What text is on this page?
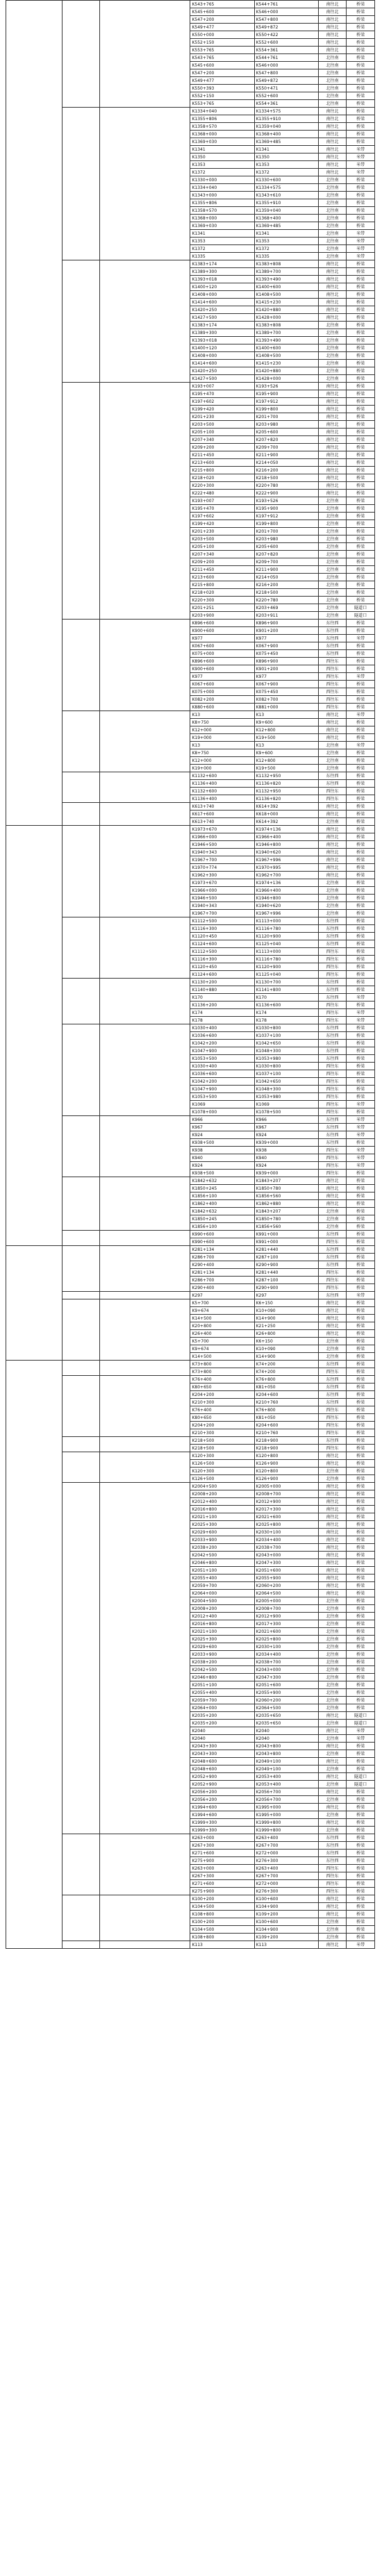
			K543+765	K544+761	南往北	桥梁
			K545+600	K546+000	南往北	桥梁
			K547+200	K547+800	南往北	桥梁
			K549+477	K549+872	南往北	桥梁
			K550+000	K550+422	南往北	桥梁
			K552+150	K552+600	南往北	桥梁
			K553+765	K554+361	南往北	桥梁
			K543+765	K544+761	北往南	桥梁
			K545+600	K546+000	北往南	桥梁
			K547+200	K547+800	北往南	桥梁
			K549+477	K549+872	北往南	桥梁
			K550+393	K550+471	北往南	桥梁
			K552+150	K552+600	北往南	桥梁
			K553+765	K554+361	北往南	桥梁
			K1334+040	K1334+575	南往北	桥梁
			K1355+806	K1355+910	南往北	桥梁
			K1358+570	K1359+040	南往北	桥梁
			K1368+000	K1368+400	南往北	桥梁
			K1369+030	K1369+485	南往北	桥梁
			K1341	K1341	南往北	米带
			K1350	K1350	南往北	米带
			K1353	K1353	南往北	米带
			K1372	K1372	南往北	米带
			K1330+000	K1330+600	北往南	桥梁
			K1334+040	K1334+575	北往南	桥梁
			K1343+000	K1343+610	北往南	桥梁
			K1355+806	K1355+910	北往南	桥梁
			K1358+570	K1359+040	北往南	桥梁
			K1368+000	K1368+400	北往南	桥梁
			K1369+030	K1369+485	北往南	桥梁
			K1341	K1341	北往南	米带
			K1353	K1353	北往南	米带
			K1372	K1372	北往南	米带
			K1335	K1335	北往南	米带
			K1383+174	K1383+808	南往北	桥梁
			K1389+300	K1389+700	南往北	桥梁
			K1393+018	K1393+490	南往北	桥梁
			K1400+120	K1400+600	南往北	桥梁
			K1408+000	K1408+500	南往北	桥梁
			K1414+600	K1415+230	南往北	桥梁
			K1420+250	K1420+880	南往北	桥梁
			K1427+500	K1428+000	南往北	桥梁
			K1383+174	K1383+808	北往南	桥梁
			K1389+300	K1389+700	北往南	桥梁
			K1393+018	K1393+490	北往南	桥梁
			K1400+120	K1400+600	北往南	桥梁
			K1408+000	K1408+500	北往南	桥梁
			K1414+600	K1415+230	北往南	桥梁
			K1420+250	K1420+880	北往南	桥梁
			K1427+500	K1428+000	北往南	桥梁
			K193+007	K193+526	南往北	桥梁
			K195+470	K195+900	南往北	桥梁
			K197+602	K197+912	南往北	桥梁
			K199+420	K199+800	南往北	桥梁
			K201+230	K201+700	南往北	桥梁
			K203+500	K203+980	南往北	桥梁
			K205+100	K205+600	南往北	桥梁
			K207+340	K207+820	南往北	桥梁
			K209+200	K209+700	南往北	桥梁
			K211+450	K211+900	南往北	桥梁
			K213+600	K214+050	南往北	桥梁
			K215+800	K216+200	南往北	桥梁
			K218+020	K218+500	南往北	桥梁
			K220+300	K220+780	南往北	桥梁
			K222+480	K222+900	南往北	桥梁
			K193+007	K193+526	北往南	桥梁
			K195+470	K195+900	北往南	桥梁
			K197+602	K197+912	北往南	桥梁
			K199+420	K199+800	北往南	桥梁
			K201+230	K201+700	北往南	桥梁
			K203+500	K203+980	北往南	桥梁
			K205+100	K205+600	北往南	桥梁
			K207+340	K207+820	北往南	桥梁
			K209+200	K209+700	北往南	桥梁
			K211+450	K211+900	北往南	桥梁
			K213+600	K214+050	北往南	桥梁
			K215+800	K216+200	北往南	桥梁
			K218+020	K218+500	北往南	桥梁
			K220+300	K220+780	北往南	桥梁
			K201+251	K203+469	北往南	隧道口
			K203+900	K203+911	北往南	隧道口
			K896+600	K896+900	东往西	桥梁
			K900+600	K901+200	东往西	桥梁
			K977	K977	东往西	米带
			K067+600	K067+900	东往西	桥梁
			K075+000	K075+450	东往西	桥梁
			K896+600	K896+900	西往东	桥梁
			K900+600	K901+200	西往东	桥梁
			K977	K977	西往东	米带
			K067+600	K067+900	西往东	桥梁
			K075+000	K075+450	西往东	桥梁
			K082+200	K082+700	西往东	桥梁
			K880+600	K881+000	西往东	桥梁
			K13	K13	南往北	米带
			K8+750	K9+600	南往北	桥梁
			K12+000	K12+800	南往北	桥梁
			K19+000	K19+500	南往北	桥梁
			K13	K13	北往南	米带
			K8+750	K9+600	北往南	桥梁
			K12+000	K12+800	北往南	桥梁
			K19+000	K19+500	北往南	桥梁
			K1132+600	K1132+950	东往西	桥梁
			K1136+400	K1136+820	东往西	桥梁
			K1132+600	K1132+950	西往东	桥梁
			K1136+400	K1136+820	西往东	桥梁
			K613+740	K614+392	南往北	桥梁
			K617+600	K618+000	南往北	桥梁
			K613+740	K614+392	北往南	桥梁
			K1973+670	K1974+136	南往北	桥梁
			K1966+000	K1966+400	南往北	桥梁
			K1946+500	K1946+800	南往北	桥梁
			K1940+343	K1940+620	南往北	桥梁
			K1967+700	K1967+996	南往北	桥梁
			K1970+774	K1970+995	南往北	桥梁
			K1962+300	K1962+700	南往北	桥梁
			K1973+670	K1974+136	北往南	桥梁
			K1966+000	K1966+400	北往南	桥梁
			K1946+500	K1946+800	北往南	桥梁
			K1940+343	K1940+620	北往南	桥梁
			K1967+700	K1967+996	北往南	桥梁
			K1112+500	K1113+000	东往西	桥梁
			K1116+300	K1116+780	东往西	桥梁
			K1120+450	K1120+900	东往西	桥梁
			K1124+600	K1125+040	东往西	桥梁
			K1112+500	K1113+000	西往东	桥梁
			K1116+300	K1116+780	西往东	桥梁
			K1120+450	K1120+900	西往东	桥梁
			K1124+600	K1125+040	西往东	桥梁
			K1130+200	K1130+700	东往西	桥梁
			K1140+880	K1141+800	东往西	桥梁
			K170	K170	东往西	米带
			K1136+200	K1136+600	西往东	桥梁
			K174	K174	西往东	米带
			K178	K178	西往东	米带
			K1030+400	K1030+800	东往西	桥梁
			K1036+600	K1037+100	东往西	桥梁
			K1042+200	K1042+650	东往西	桥梁
			K1047+900	K1048+300	东往西	桥梁
			K1053+500	K1053+980	东往西	桥梁
			K1030+400	K1030+800	西往东	桥梁
			K1036+600	K1037+100	西往东	桥梁
			K1042+200	K1042+650	西往东	桥梁
			K1047+900	K1048+300	西往东	桥梁
			K1053+500	K1053+980	西往东	桥梁
			K1069	K1069	西往东	米带
			K1078+000	K1078+500	西往东	桥梁
			K966	K966	东往西	米带
			K967	K967	东往西	米带
			K924	K924	东往西	米带
			K938+500	K939+000	东往西	桥梁
			K938	K938	西往东	米带
			K940	K940	西往东	米带
			K924	K924	西往东	米带
			K938+500	K939+000	西往东	桥梁
			K1842+632	K1843+207	南往北	桥梁
			K1850+245	K1850+780	南往北	桥梁
			K1856+100	K1856+560	南往北	桥梁
			K1862+400	K1862+880	南往北	桥梁
			K1842+632	K1843+207	北往南	桥梁
			K1850+245	K1850+780	北往南	桥梁
			K1856+100	K1856+560	北往南	桥梁
			K990+600	K991+000	东往西	桥梁
			K990+600	K991+000	西往东	桥梁
			K281+134	K281+440	东往西	桥梁
			K286+700	K287+100	东往西	桥梁
			K290+400	K290+900	东往西	桥梁
			K281+134	K281+440	西往东	桥梁
			K286+700	K287+100	西往东	桥梁
			K290+400	K290+900	西往东	桥梁
			K297	K297	东往西	米带
			K5+700	K6+150	南往北	桥梁
			K9+674	K10+090	南往北	桥梁
			K14+500	K14+900	南往北	桥梁
			K20+800	K21+250	南往北	桥梁
			K26+400	K26+800	南往北	桥梁
			K5+700	K6+150	北往南	桥梁
			K9+674	K10+090	北往南	桥梁
			K14+500	K14+900	北往南	桥梁
			K73+800	K74+200	东往西	桥梁
			K73+800	K74+200	西往东	桥梁
			K76+400	K76+800	东往西	桥梁
			K80+650	K81+050	东往西	桥梁
			K204+200	K204+600	东往西	桥梁
			K210+300	K210+760	东往西	桥梁
			K76+400	K76+800	西往东	桥梁
			K80+650	K81+050	西往东	桥梁
			K204+200	K204+600	西往东	桥梁
			K210+300	K210+760	西往东	桥梁
			K218+500	K218+900	东往西	桥梁
			K218+500	K218+900	西往东	桥梁
			K120+300	K120+800	南往北	桥梁
			K126+500	K126+900	南往北	桥梁
			K120+300	K120+800	北往南	桥梁
			K126+500	K126+900	北往南	桥梁
			K2004+500	K2005+000	南往北	桥梁
			K2008+200	K2008+700	南往北	桥梁
			K2012+400	K2012+900	南往北	桥梁
			K2016+800	K2017+300	南往北	桥梁
			K2021+100	K2021+600	南往北	桥梁
			K2025+300	K2025+800	南往北	桥梁
			K2029+600	K2030+100	南往北	桥梁
			K2033+900	K2034+400	南往北	桥梁
			K2038+200	K2038+700	南往北	桥梁
			K2042+500	K2043+000	南往北	桥梁
			K2046+800	K2047+300	南往北	桥梁
			K2051+100	K2051+600	南往北	桥梁
			K2055+400	K2055+900	南往北	桥梁
			K2059+700	K2060+200	南往北	桥梁
			K2064+000	K2064+500	南往北	桥梁
			K2004+500	K2005+000	北往南	桥梁
			K2008+200	K2008+700	北往南	桥梁
			K2012+400	K2012+900	北往南	桥梁
			K2016+800	K2017+300	北往南	桥梁
			K2021+100	K2021+600	北往南	桥梁
			K2025+300	K2025+800	北往南	桥梁
			K2029+600	K2030+100	北往南	桥梁
			K2033+900	K2034+400	北往南	桥梁
			K2038+200	K2038+700	北往南	桥梁
			K2042+500	K2043+000	北往南	桥梁
			K2046+800	K2047+300	北往南	桥梁
			K2051+100	K2051+600	北往南	桥梁
			K2055+400	K2055+900	北往南	桥梁
			K2059+700	K2060+200	北往南	桥梁
			K2064+000	K2064+500	北往南	桥梁
			K2035+200	K2035+650	南往北	隧道口
			K2035+200	K2035+650	北往南	隧道口
			K2040	K2040	南往北	米带
			K2040	K2040	北往南	米带
			K2043+300	K2043+800	南往北	桥梁
			K2043+300	K2043+800	北往南	桥梁
			K2048+600	K2049+100	南往北	桥梁
			K2048+600	K2049+100	北往南	桥梁
			K2052+900	K2053+400	南往北	隧道口
			K2052+900	K2053+400	北往南	隧道口
			K2056+200	K2056+700	南往北	桥梁
			K2056+200	K2056+700	北往南	桥梁
			K1994+600	K1995+000	南往北	桥梁
			K1994+600	K1995+000	北往南	桥梁
			K1999+300	K1999+800	南往北	桥梁
			K1999+300	K1999+800	北往南	桥梁
			K263+000	K263+400	东往西	桥梁
			K267+300	K267+700	东往西	桥梁
			K271+600	K272+000	东往西	桥梁
			K275+900	K276+300	东往西	桥梁
			K263+000	K263+400	西往东	桥梁
			K267+300	K267+700	西往东	桥梁
			K271+600	K272+000	西往东	桥梁
			K275+900	K276+300	西往东	桥梁
			K100+200	K100+600	南往北	桥梁
			K104+500	K104+900	南往北	桥梁
			K108+800	K109+200	南往北	桥梁
			K100+200	K100+600	北往南	桥梁
			K104+500	K104+900	北往南	桥梁
			K108+800	K109+200	北往南	桥梁
			K113	K113	南往北	米带
